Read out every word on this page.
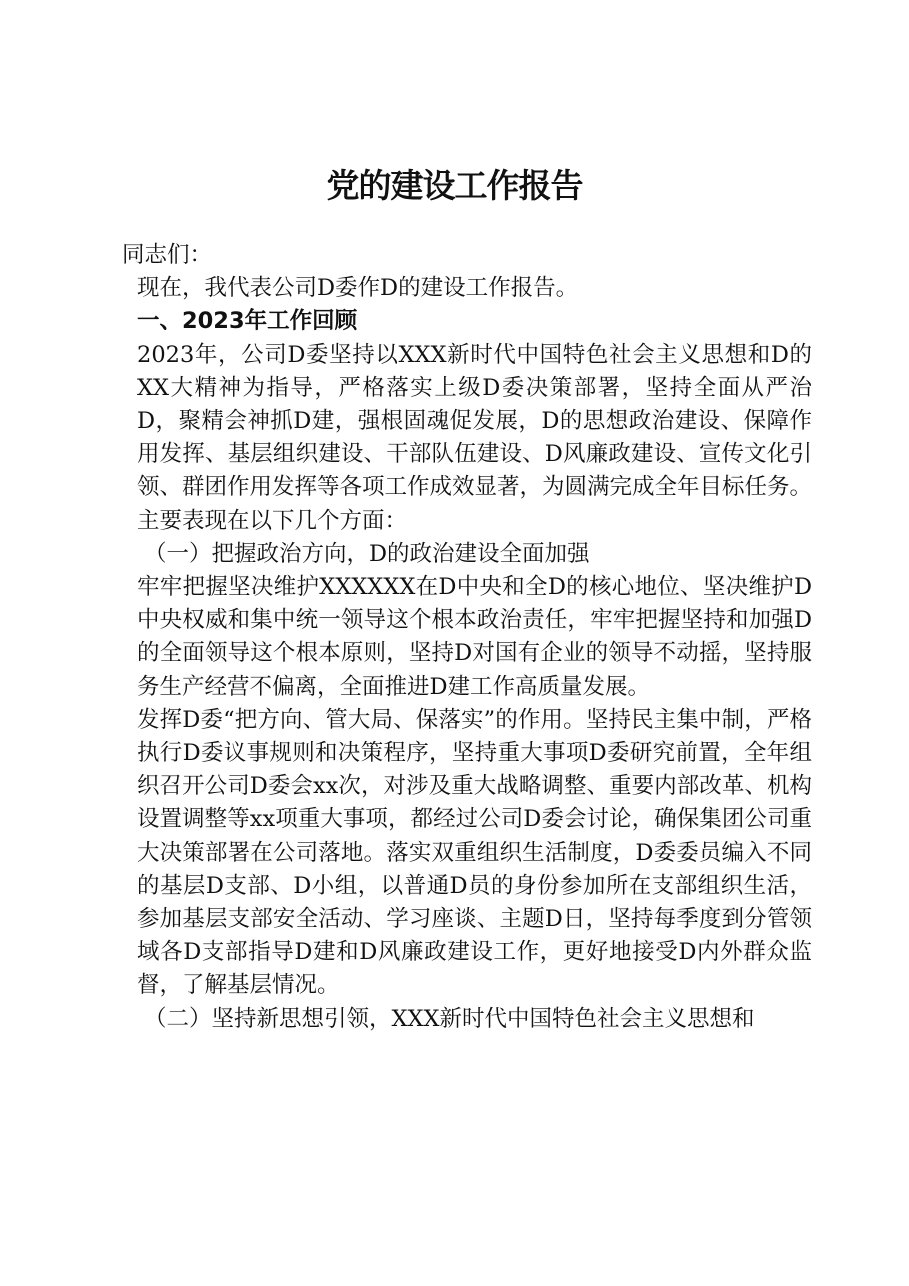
党的建设工作报告

同志们：

现在，我代表公司D委作D的建设工作报告。

一、2023年工作回顾

2023年，公司D委坚持以XXX新时代中国特色社会主义思想和D的XX大精神为指导，严格落实上级D委决策部署，坚持全面从严治D，聚精会神抓D建，强根固魂促发展，D的思想政治建设、保障作用发挥、基层组织建设、干部队伍建设、D风廉政建设、宣传文化引领、群团作用发挥等各项工作成效显著，为圆满完成全年目标任务。

主要表现在以下几个方面：

（一）把握政治方向，D的政治建设全面加强

牢牢把握坚决维护XXXXXX在D中央和全D的核心地位、坚决维护D中央权威和集中统一领导这个根本政治责任，牢牢把握坚持和加强D的全面领导这个根本原则，坚持D对国有企业的领导不动摇，坚持服务生产经营不偏离，全面推进D建工作高质量发展。

发挥D委“把方向、管大局、保落实”的作用。坚持民主集中制，严格执行D委议事规则和决策程序，坚持重大事项D委研究前置，全年组织召开公司D委会xx次，对涉及重大战略调整、重要内部改革、机构设置调整等xx项重大事项，都经过公司D委会讨论，确保集团公司重大决策部署在公司落地。落实双重组织生活制度，D委委员编入不同的基层D支部、D小组，以普通D员的身份参加所在支部组织生活，参加基层支部安全活动、学习座谈、主题D日，坚持每季度到分管领域各D支部指导D建和D风廉政建设工作，更好地接受D内外群众监督，了解基层情况。

（二）坚持新思想引领，XXX新时代中国特色社会主义思想和
